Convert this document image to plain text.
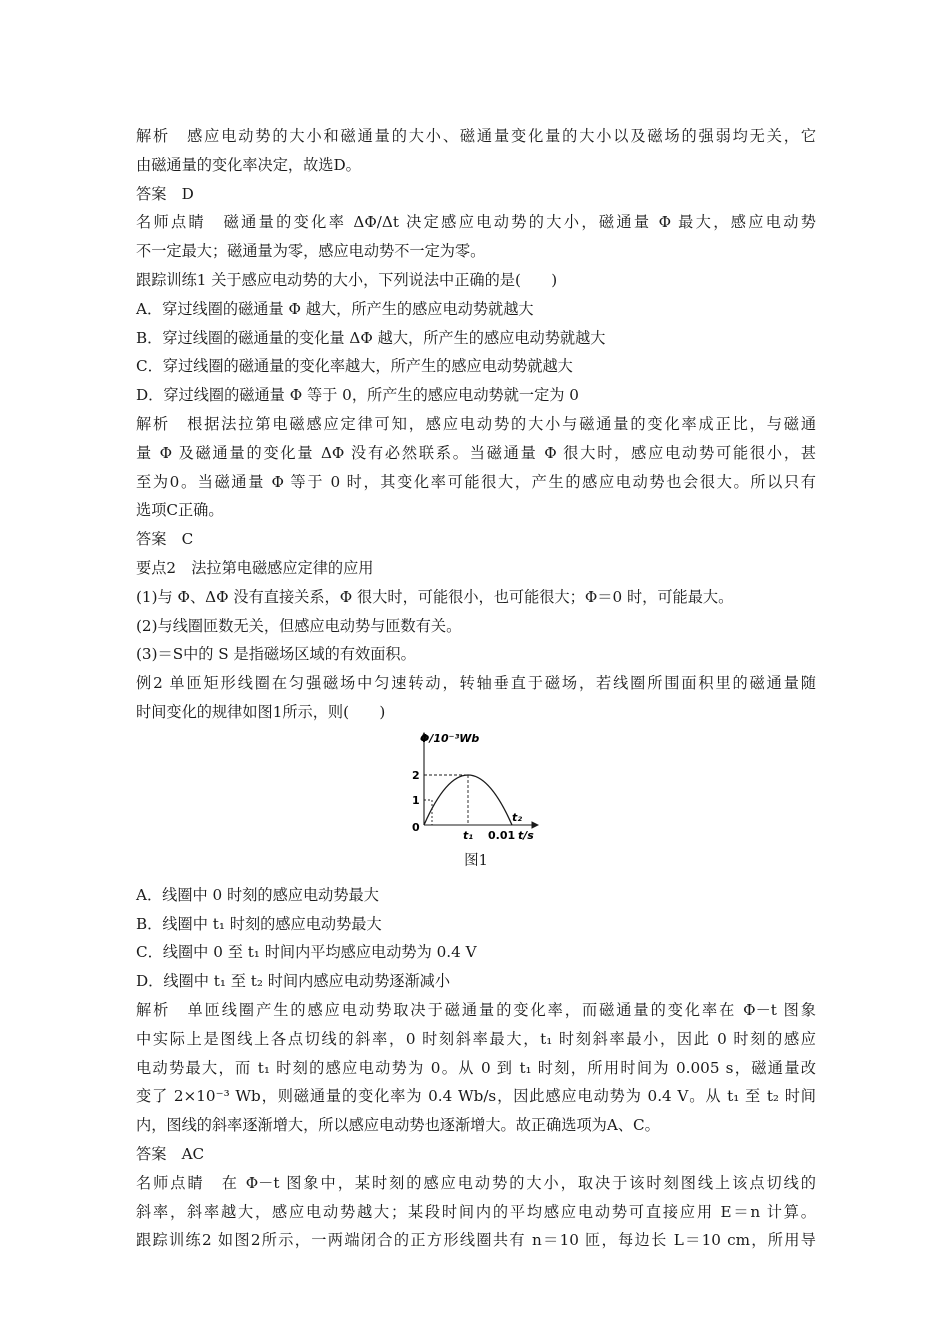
解析　感应电动势的大小和磁通量的大小、磁通量变化量的大小以及磁场的强弱均无关，它
由磁通量的变化率决定，故选D。
答案　D
名师点睛　磁通量的变化率 ΔΦ/Δt 决定感应电动势的大小，磁通量 Φ 最大，感应电动势
不一定最大；磁通量为零，感应电动势不一定为零。
跟踪训练1 关于感应电动势的大小，下列说法中正确的是(　　)
A．穿过线圈的磁通量 Φ 越大，所产生的感应电动势就越大
B．穿过线圈的磁通量的变化量 ΔΦ 越大，所产生的感应电动势就越大
C．穿过线圈的磁通量的变化率越大，所产生的感应电动势就越大
D．穿过线圈的磁通量 Φ 等于 0，所产生的感应电动势就一定为 0
解析　根据法拉第电磁感应定律可知，感应电动势的大小与磁通量的变化率成正比，与磁通
量 Φ 及磁通量的变化量 ΔΦ 没有必然联系。当磁通量 Φ 很大时，感应电动势可能很小，甚
至为0。当磁通量 Φ 等于 0 时，其变化率可能很大，产生的感应电动势也会很大。所以只有
选项C正确。
答案　C
要点2　法拉第电磁感应定律的应用
(1)与 Φ、ΔΦ 没有直接关系，Φ 很大时，可能很小，也可能很大；Φ＝0 时，可能最大。
(2)与线圈匝数无关，但感应电动势与匝数有关。
(3)＝S中的 S 是指磁场区域的有效面积。
例2 单匝矩形线圈在匀强磁场中匀速转动，转轴垂直于磁场，若线圈所围面积里的磁通量随
时间变化的规律如图1所示，则(　　)
Φ/10⁻³Wb
2
1
0
t₁ 0.01
t₂
t/s
图1
A．线圈中 0 时刻的感应电动势最大
B．线圈中 t₁ 时刻的感应电动势最大
C．线圈中 0 至 t₁ 时间内平均感应电动势为 0.4 V
D．线圈中 t₁ 至 t₂ 时间内感应电动势逐渐减小
解析　单匝线圈产生的感应电动势取决于磁通量的变化率，而磁通量的变化率在 Φ－t 图象
中实际上是图线上各点切线的斜率，0 时刻斜率最大，t₁ 时刻斜率最小，因此 0 时刻的感应
电动势最大，而 t₁ 时刻的感应电动势为 0。从 0 到 t₁ 时刻，所用时间为 0.005 s，磁通量改
变了 2×10⁻³ Wb，则磁通量的变化率为 0.4 Wb/s，因此感应电动势为 0.4 V。从 t₁ 至 t₂ 时间
内，图线的斜率逐渐增大，所以感应电动势也逐渐增大。故正确选项为A、C。
答案　AC
名师点睛　在 Φ－t 图象中，某时刻的感应电动势的大小，取决于该时刻图线上该点切线的
斜率，斜率越大，感应电动势越大；某段时间内的平均感应电动势可直接应用 E＝n 计算。
跟踪训练2 如图2所示，一两端闭合的正方形线圈共有 n＝10 匝，每边长 L＝10 cm，所用导
